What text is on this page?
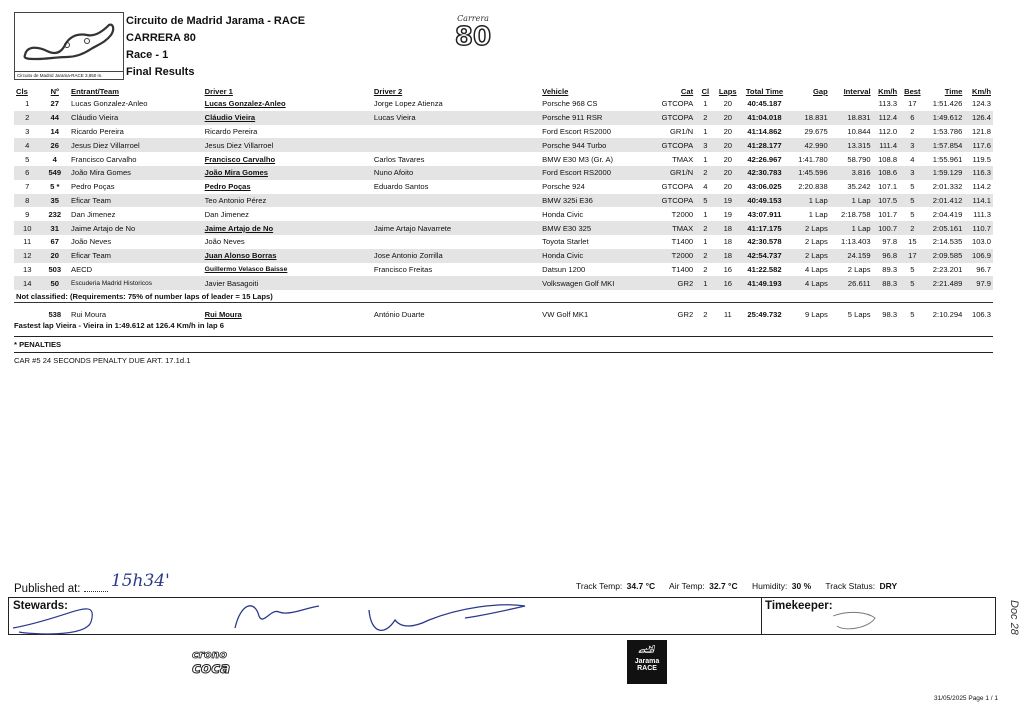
Circuito de Madrid Jarama-RACE 3,850 m.
Circuito de Madrid Jarama - RACE
CARRERA 80
Race - 1
Final Results
Carrera
80
Cls	Nº	Entrant/Team	Driver 1	Driver 2	Vehicle	Cat	Cl	Laps	Total Time	Gap	Interval	Km/h	Best	Time	Km/h
1	27	Lucas Gonzalez-Anleo	Lucas Gonzalez-Anleo	Jorge Lopez Atienza	Porsche 968 CS	GTCOPA	1	20	40:45.187			113.3	17	1:51.426	124.3
2	44	Cláudio Vieira	Cláudio Vieira	Lucas Vieira	Porsche 911 RSR	GTCOPA	2	20	41:04.018	18.831	18.831	112.4	6	1:49.612	126.4
3	14	Ricardo Pereira	Ricardo Pereira		Ford Escort RS2000	GR1/N	1	20	41:14.862	29.675	10.844	112.0	2	1:53.786	121.8
4	26	Jesus Diez Villarroel	Jesus Diez Villarroel		Porsche 944 Turbo	GTCOPA	3	20	41:28.177	42.990	13.315	111.4	3	1:57.854	117.6
5	4	Francisco Carvalho	Francisco Carvalho	Carlos Tavares	BMW E30 M3 (Gr. A)	TMAX	1	20	42:26.967	1:41.780	58.790	108.8	4	1:55.961	119.5
6	549	João Mira Gomes	João Mira Gomes	Nuno Afoito	Ford Escort RS2000	GR1/N	2	20	42:30.783	1:45.596	3.816	108.6	3	1:59.129	116.3
7	5 *	Pedro Poças	Pedro Poças	Eduardo Santos	Porsche 924	GTCOPA	4	20	43:06.025	2:20.838	35.242	107.1	5	2:01.332	114.2
8	35	Eficar Team	Teo Antonio Pérez		BMW 325i E36	GTCOPA	5	19	40:49.153	1 Lap	1 Lap	107.5	5	2:01.412	114.1
9	232	Dan Jimenez	Dan Jimenez		Honda Civic	T2000	1	19	43:07.911	1 Lap	2:18.758	101.7	5	2:04.419	111.3
10	31	Jaime Artajo de No	Jaime Artajo de No	Jaime Artajo Navarrete	BMW E30 325	TMAX	2	18	41:17.175	2 Laps	1 Lap	100.7	2	2:05.161	110.7
11	67	João Neves	João Neves		Toyota Starlet	T1400	1	18	42:30.578	2 Laps	1:13.403	97.8	15	2:14.535	103.0
12	20	Eficar Team	Juan Alonso Borras	Jose Antonio Zorrilla	Honda Civic	T2000	2	18	42:54.737	2 Laps	24.159	96.8	17	2:09.585	106.9
13	503	AECD	Guillermo Velasco Baisse	Francisco Freitas	Datsun 1200	T1400	2	16	41:22.582	4 Laps	2 Laps	89.3	5	2:23.201	96.7
14	50	Escuderia Madrid Historicos	Javier Basagoiti		Volkswagen Golf MKI	GR2	1	16	41:49.193	4 Laps	26.611	88.3	5	2:21.489	97.9
Not classified: (Requirements: 75% of number laps of leader = 15 Laps)															

	538	Rui Moura	Rui Moura	António Duarte	VW Golf MK1	GR2	2	11	25:49.732	9 Laps	5 Laps	98.3	5	2:10.294	106.3
Fastest lap Vieira - Vieira in 1:49.612 at 126.4 Km/h in lap 6
* PENALTIES
CAR #5 24 SECONDS PENALTY DUE ART. 17.1d.1
Published at: 15h34'	Track Temp: 34.7 °C Air Temp: 32.7 °C Humidity: 30 % Track Status: DRY
Stewards:	Timekeeper:
crono
coca
🏎
Jarama RACE
31/05/2025 Page 1 / 1
Doc 28
